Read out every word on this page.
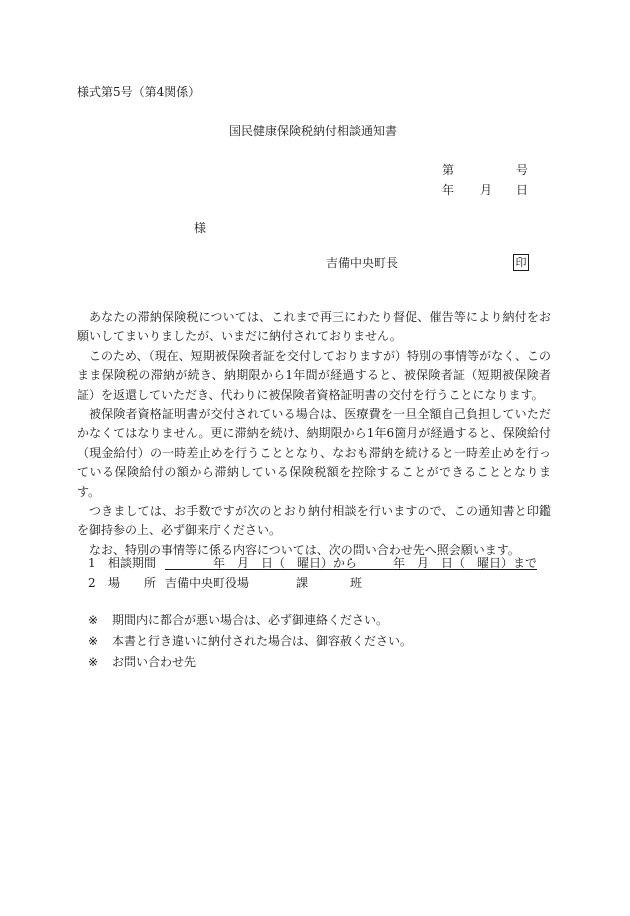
様式第5号（第4関係）
国民健康保険税納付相談通知書
第	号
年 月 日
様
吉備中央町長	印

あなたの滞納保険税については、これまで再三にわたり督促、催告等により納付をお願いしてまいりましたが、いまだに納付されておりません。

このため、（現在、短期被保険者証を交付しておりますが）特別の事情等がなく、このまま保険税の滞納が続き、納期限から1年間が経過すると、被保険者証（短期被保険者証）を返還していただき、代わりに被保険者資格証明書の交付を行うことになります。

被保険者資格証明書が交付されている場合は、医療費を一旦全額自己負担していただかなくてはなりません。更に滞納を続け、納期限から1年6箇月が経過すると、保険給付（現金給付）の一時差止めを行うこととなり、なおも滞納を続けると一時差止めを行っている保険給付の額から滞納している保険税額を控除することができることとなります。

つきましては、お手数ですが次のとおり納付相談を行いますので、この通知書と印鑑を御持参の上、必ず御来庁ください。

なお、特別の事情等に係る内容については、次の問い合わせ先へ照会願います。

1 相談期間 　　　　年　月　日（　曜日）から　　　年　月　日（　曜日）まで
2 場　　所 吉備中央町役場	課	班
※ 期間内に都合が悪い場合は、必ず御連絡ください。
※ 本書と行き違いに納付された場合は、御容赦ください。
※ お問い合わせ先
